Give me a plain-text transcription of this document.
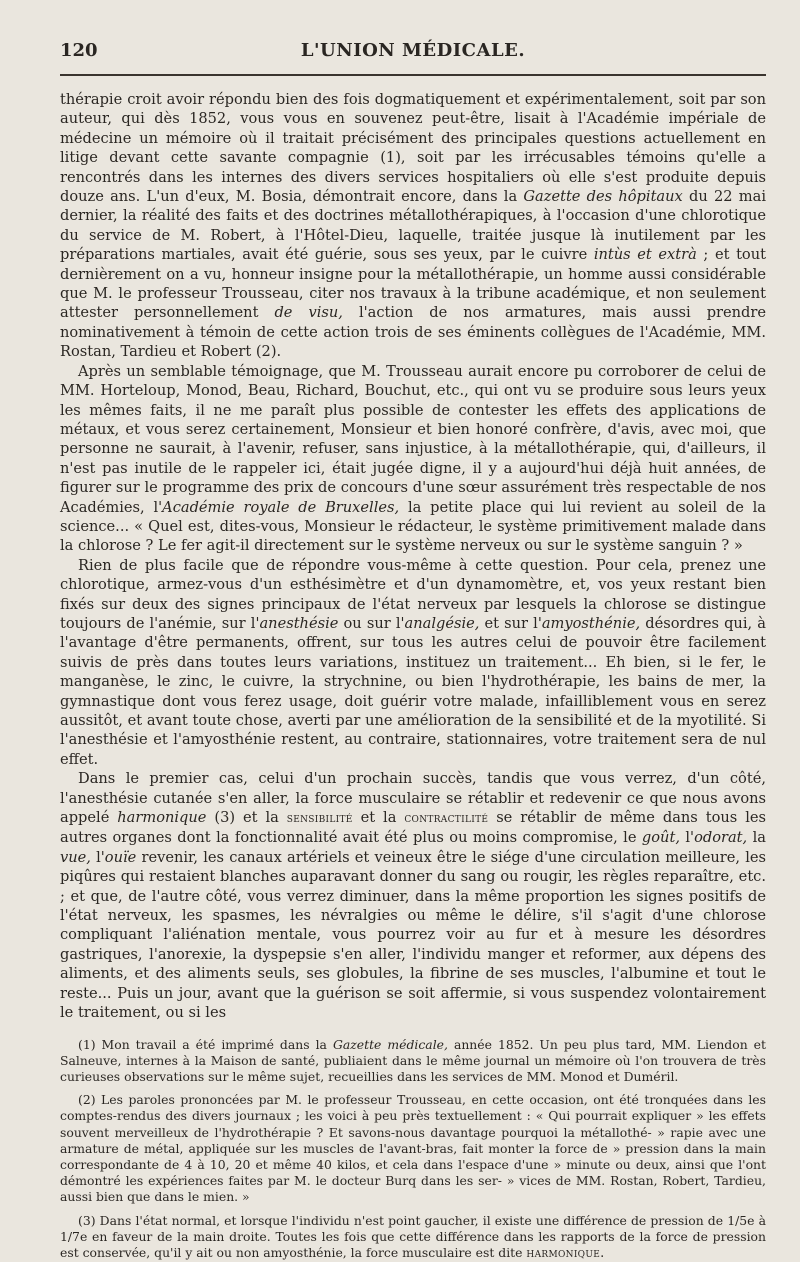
120	L'UNION MÉDICALE.

thérapie croit avoir répondu bien des fois dogmatiquement et expérimentalement, soit par son auteur, qui dès 1852, vous vous en souvenez peut-être, lisait à l'Académie impériale de médecine un mémoire où il traitait précisément des principales questions actuellement en litige devant cette savante compagnie (1), soit par les irrécusables témoins qu'elle a rencontrés dans les internes des divers services hospitaliers où elle s'est produite depuis douze ans. L'un d'eux, M. Bosia, démontrait encore, dans la Gazette des hôpitaux du 22 mai dernier, la réalité des faits et des doctrines métallothérapiques, à l'occasion d'une chlorotique du service de M. Robert, à l'Hôtel-Dieu, laquelle, traitée jusque là inutilement par les préparations martiales, avait été guérie, sous ses yeux, par le cuivre intùs et extrà ; et tout dernièrement on a vu, honneur insigne pour la métallothérapie, un homme aussi considérable que M. le professeur Trousseau, citer nos travaux à la tribune académique, et non seulement attester personnellement de visu, l'action de nos armatures, mais aussi prendre nominativement à témoin de cette action trois de ses éminents collègues de l'Académie, MM. Rostan, Tardieu et Robert (2).

Après un semblable témoignage, que M. Trousseau aurait encore pu corroborer de celui de MM. Horteloup, Monod, Beau, Richard, Bouchut, etc., qui ont vu se produire sous leurs yeux les mêmes faits, il ne me paraît plus possible de contester les effets des applications de métaux, et vous serez certainement, Monsieur et bien honoré confrère, d'avis, avec moi, que personne ne saurait, à l'avenir, refuser, sans injustice, à la métallothérapie, qui, d'ailleurs, il n'est pas inutile de le rappeler ici, était jugée digne, il y a aujourd'hui déjà huit années, de figurer sur le programme des prix de concours d'une sœur assurément très respectable de nos Académies, l'Académie royale de Bruxelles, la petite place qui lui revient au soleil de la science... « Quel est, dites-vous, Monsieur le rédacteur, le système primitivement malade dans la chlorose ? Le fer agit-il directement sur le système nerveux ou sur le système sanguin ? »

Rien de plus facile que de répondre vous-même à cette question. Pour cela, prenez une chlorotique, armez-vous d'un esthésimètre et d'un dynamomètre, et, vos yeux restant bien fixés sur deux des signes principaux de l'état nerveux par lesquels la chlorose se distingue toujours de l'anémie, sur l'anesthésie ou sur l'analgésie, et sur l'amyosthénie, désordres qui, à l'avantage d'être permanents, offrent, sur tous les autres celui de pouvoir être facilement suivis de près dans toutes leurs variations, instituez un traitement... Eh bien, si le fer, le manganèse, le zinc, le cuivre, la strychnine, ou bien l'hydrothérapie, les bains de mer, la gymnastique dont vous ferez usage, doit guérir votre malade, infailliblement vous en serez aussitôt, et avant toute chose, averti par une amélioration de la sensibilité et de la myotilité. Si l'anesthésie et l'amyosthénie restent, au contraire, stationnaires, votre traitement sera de nul effet.

Dans le premier cas, celui d'un prochain succès, tandis que vous verrez, d'un côté, l'anesthésie cutanée s'en aller, la force musculaire se rétablir et redevenir ce que nous avons appelé harmonique (3) et la sensibilité et la contractilité se rétablir de même dans tous les autres organes dont la fonctionnalité avait été plus ou moins compromise, le goût, l'odorat, la vue, l'ouïe revenir, les canaux artériels et veineux être le siége d'une circulation meilleure, les piqûres qui restaient blanches auparavant donner du sang ou rougir, les règles reparaître, etc. ; et que, de l'autre côté, vous verrez diminuer, dans la même proportion les signes positifs de l'état nerveux, les spasmes, les névralgies ou même le délire, s'il s'agit d'une chlorose compliquant l'aliénation mentale, vous pourrez voir au fur et à mesure les désordres gastriques, l'anorexie, la dyspepsie s'en aller, l'individu manger et reformer, aux dépens des aliments, et des aliments seuls, ses globules, la fibrine de ses muscles, l'albumine et tout le reste... Puis un jour, avant que la guérison se soit affermie, si vous suspendez volontairement le traitement, ou si les

(1) Mon travail a été imprimé dans la Gazette médicale, année 1852. Un peu plus tard, MM. Liendon et Salneuve, internes à la Maison de santé, publiaient dans le même journal un mémoire où l'on trouvera de très curieuses observations sur le même sujet, recueillies dans les services de MM. Monod et Duméril.

(2) Les paroles prononcées par M. le professeur Trousseau, en cette occasion, ont été tronquées dans les comptes-rendus des divers journaux ; les voici à peu près textuellement : « Qui pourrait expliquer » les effets souvent merveilleux de l'hydrothérapie ? Et savons-nous davantage pourquoi la métallothé- » rapie avec une armature de métal, appliquée sur les muscles de l'avant-bras, fait monter la force de » pression dans la main correspondante de 4 à 10, 20 et même 40 kilos, et cela dans l'espace d'une » minute ou deux, ainsi que l'ont démontré les expériences faites par M. le docteur Burq dans les ser- » vices de MM. Rostan, Robert, Tardieu, aussi bien que dans le mien. »

(3) Dans l'état normal, et lorsque l'individu n'est point gaucher, il existe une différence de pression de 1/5e à 1/7e en faveur de la main droite. Toutes les fois que cette différence dans les rapports de la force de pression est conservée, qu'il y ait ou non amyosthénie, la force musculaire est dite harmonique.
